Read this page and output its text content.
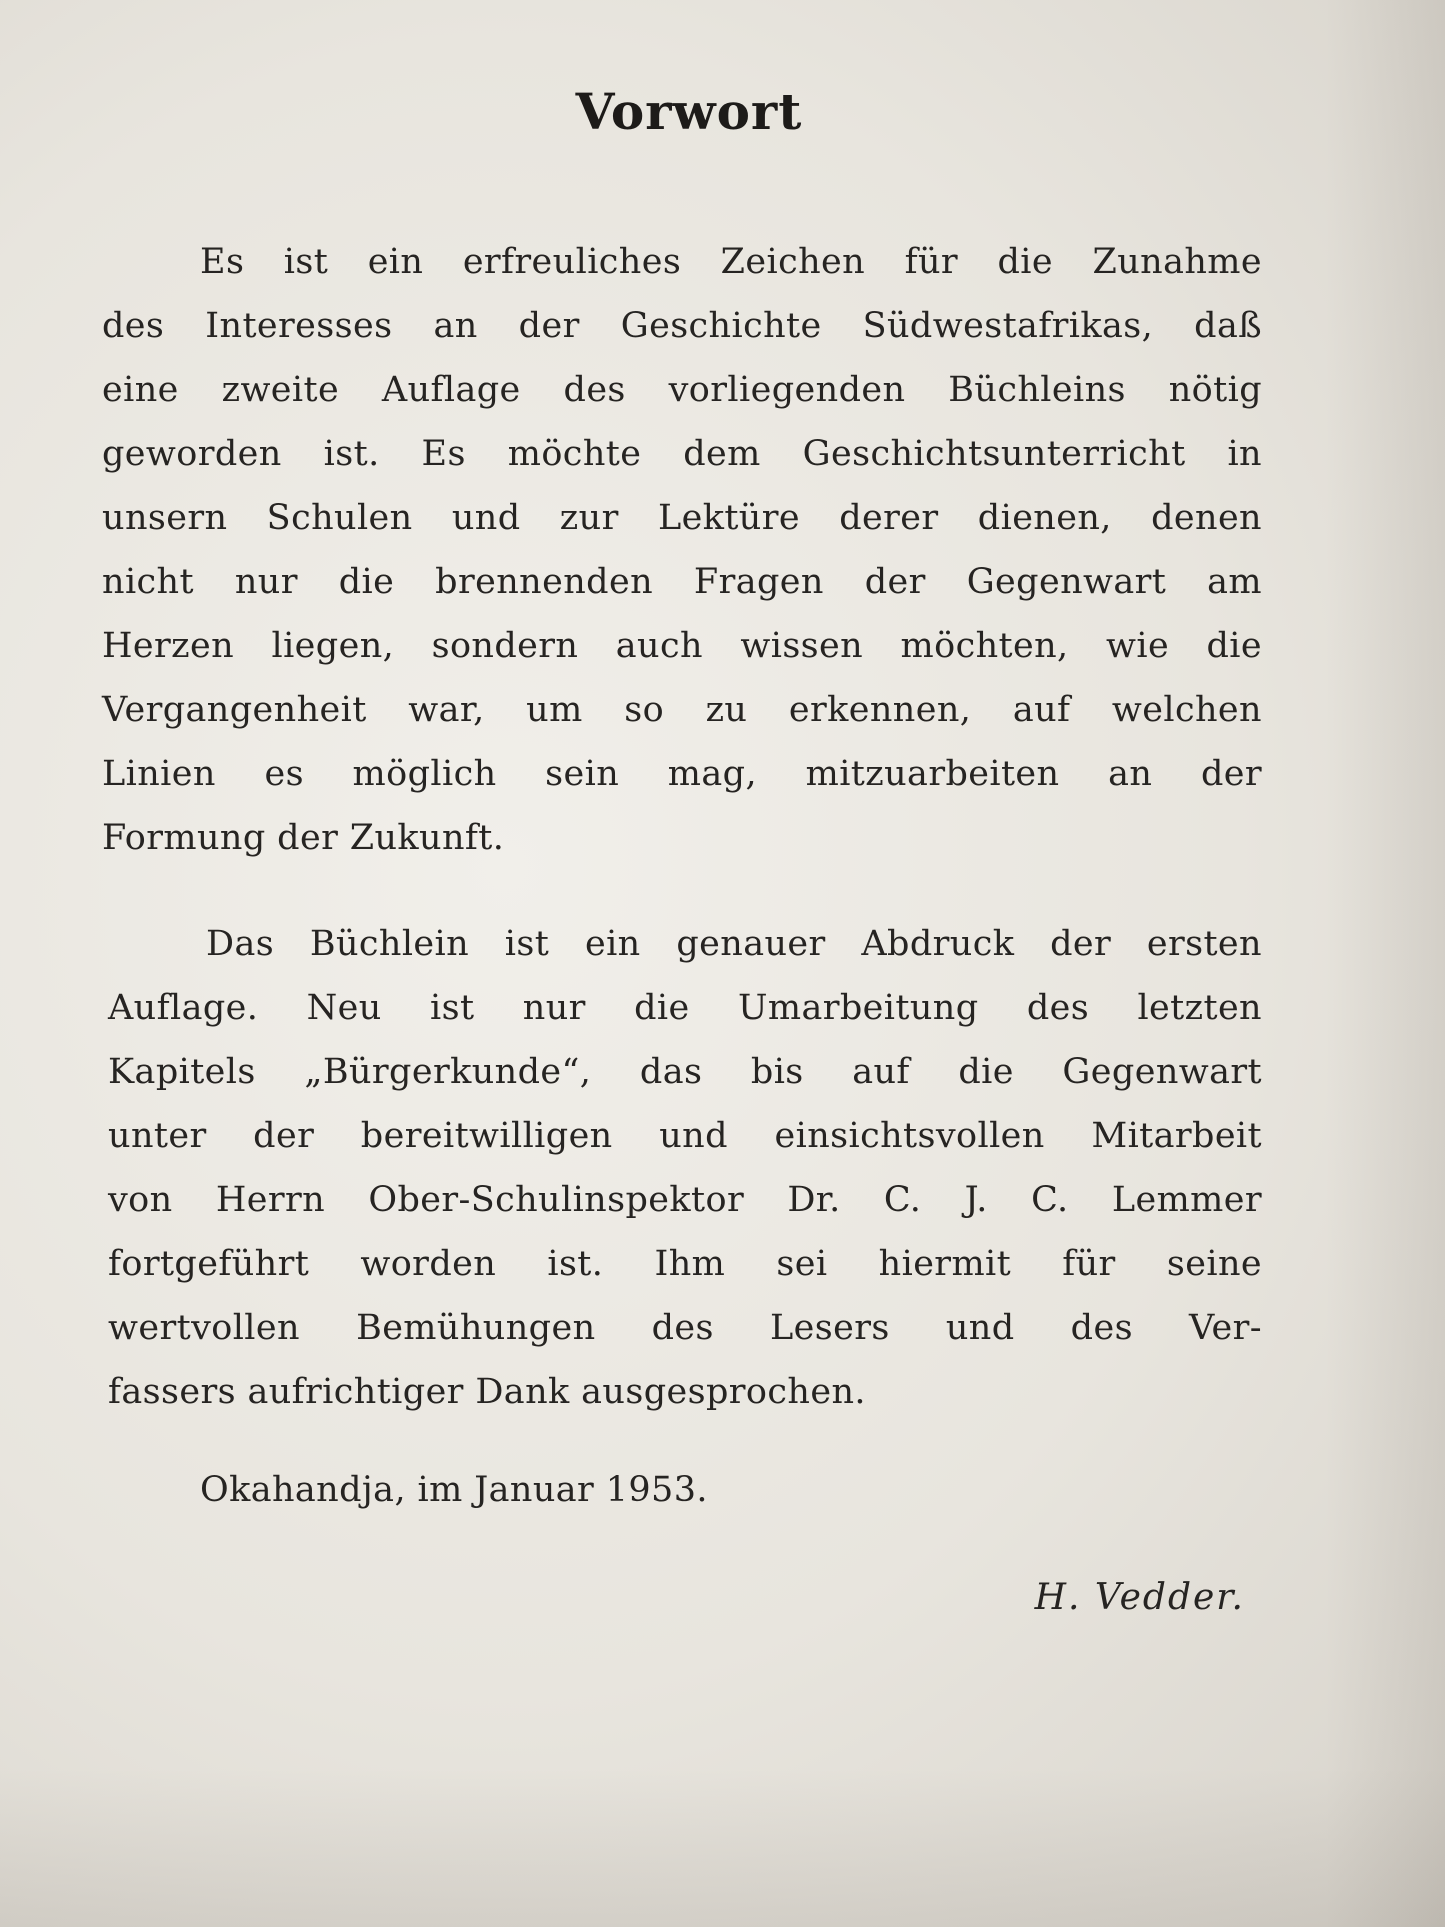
Vorwort
Es ist ein erfreuliches Zeichen für die Zunahme
des Interesses an der Geschichte Südwestafrikas, daß
eine zweite Auflage des vorliegenden Büchleins nötig
geworden ist. Es möchte dem Geschichtsunterricht in
unsern Schulen und zur Lektüre derer dienen, denen
nicht nur die brennenden Fragen der Gegenwart am
Herzen liegen, sondern auch wissen möchten, wie die
Vergangenheit war, um so zu erkennen, auf welchen
Linien es möglich sein mag, mitzuarbeiten an der
Formung der Zukunft.
Das Büchlein ist ein genauer Abdruck der ersten
Auflage. Neu ist nur die Umarbeitung des letzten
Kapitels „Bürgerkunde“, das bis auf die Gegenwart
unter der bereitwilligen und einsichtsvollen Mitarbeit
von Herrn Ober-Schulinspektor Dr. C. J. C. Lemmer
fortgeführt worden ist. Ihm sei hiermit für seine
wertvollen Bemühungen des Lesers und des Ver-
fassers aufrichtiger Dank ausgesprochen.
Okahandja, im Januar 1953.
H. Vedder.
